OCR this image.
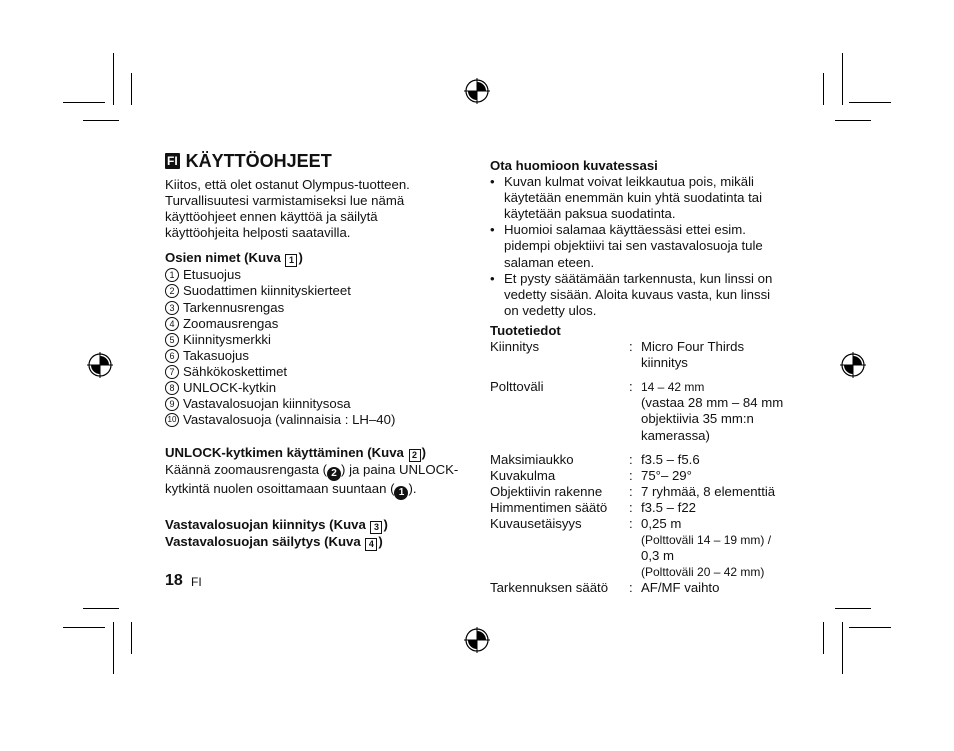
FI KÄYTTÖOHJEET
Kiitos, että olet ostanut Olympus-tuotteen.
Turvallisuutesi varmistamiseksi lue nämä
käyttöohjeet ennen käyttöä ja säilytä
käyttöohjeita helposti saatavilla.
Osien nimet (Kuva 1 )
1 Etusuojus
2 Suodattimen kiinnityskierteet
3 Tarkennusrengas
4 Zoomausrengas
5 Kiinnitysmerkki
6 Takasuojus
7 Sähkökoskettimet
8 UNLOCK-kytkin
9 Vastavalosuojan kiinnitysosa
10 Vastavalosuoja (valinnaisia : LH–40)
UNLOCK-kytkimen käyttäminen (Kuva 2 )
Käännä zoomausrengasta ( 2 ) ja paina UNLOCK-
kytkintä nuolen osoittamaan suuntaan ( 1 ).
Vastavalosuojan kiinnitys (Kuva 3 )
Vastavalosuojan säilytys (Kuva 4 )
Ota huomioon kuvatessasi
• Kuvan kulmat voivat leikkautua pois, mikäli
käytetään enemmän kuin yhtä suodatinta tai
käytetään paksua suodatinta.
• Huomioi salamaa käyttäessäsi ettei esim.
pidempi objektiivi tai sen vastavalosuoja tule
salaman eteen.
• Et pysty säätämään tarkennusta, kun linssi on
vedetty sisään. Aloita kuvaus vasta, kun linssi
on vedetty ulos.
Tuotetiedot
Kiinnitys	: Micro Four Thirds
kiinnitys
Polttoväli	: 14 – 42 mm
(vastaa 28 mm – 84 mm
objektiivia 35 mm:n
kamerassa)
Maksimiaukko	: f3.5 – f5.6
Kuvakulma	: 75°– 29°
Objektiivin rakenne	: 7 ryhmää, 8 elementtiä
Himmentimen säätö	: f3.5 – f22
Kuvausetäisyys	: 0,25 m
(Polttoväli 14 – 19 mm) /
0,3 m
(Polttoväli 20 – 42 mm)
Tarkennuksen säätö	: AF/MF vaihto
18 FI
